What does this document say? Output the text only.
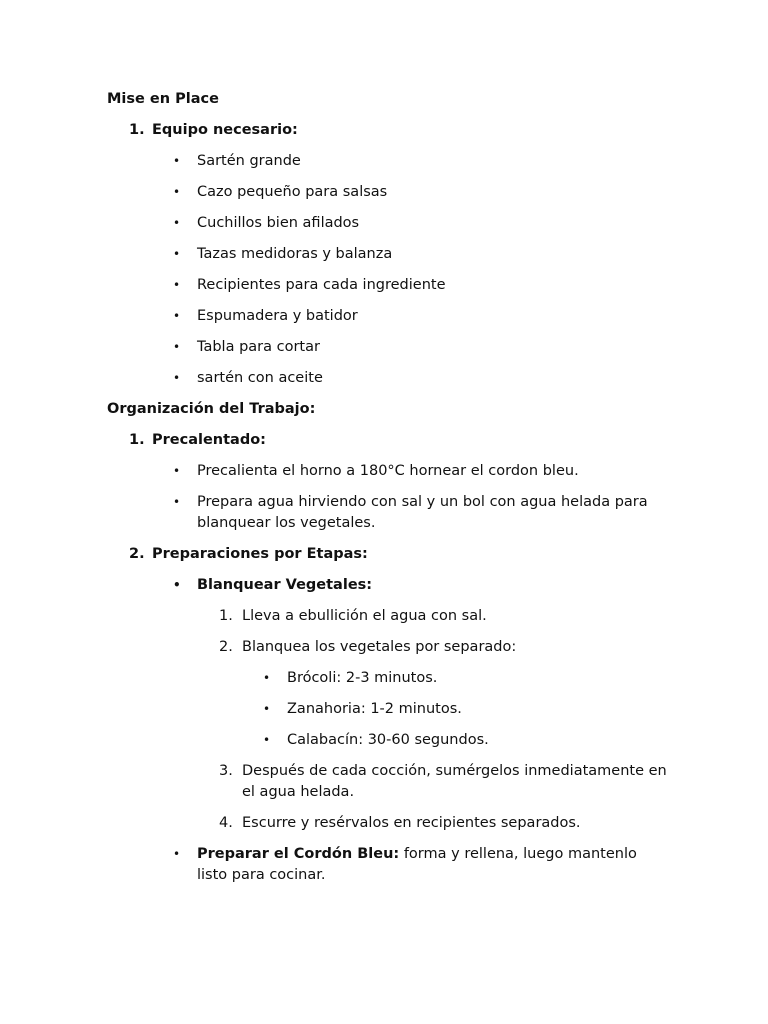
Mise en Place
1. Equipo necesario:
• Sartén grande
• Cazo pequeño para salsas
• Cuchillos bien afilados
• Tazas medidoras y balanza
• Recipientes para cada ingrediente
• Espumadera y batidor
• Tabla para cortar
• sartén con aceite
Organización del Trabajo:
1. Precalentado:
• Precalienta el horno a 180°C hornear el cordon bleu.
• Prepara agua hirviendo con sal y un bol con agua helada para blanquear los vegetales.
2. Preparaciones por Etapas:
• Blanquear Vegetales:
1. Lleva a ebullición el agua con sal.
2. Blanquea los vegetales por separado:
• Brócoli: 2-3 minutos.
• Zanahoria: 1-2 minutos.
• Calabacín: 30-60 segundos.
3. Después de cada cocción, sumérgelos inmediatamente en el agua helada.
4. Escurre y resérvalos en recipientes separados.
• Preparar el Cordón Bleu: forma y rellena, luego mantenlo listo para cocinar.
